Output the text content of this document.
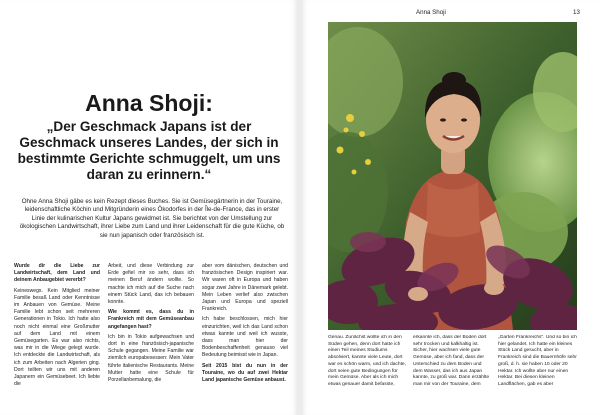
Anna Shoji:
„Der Geschmack Japans ist der Geschmack unseres Landes, der sich in bestimmte Gerichte schmuggelt, um uns daran zu erinnern.“

Ohne Anna Shoji gäbe es kein Rezept dieses Buches. Sie ist Gemüsegärtnerin in der Touraine, leidenschaftliche Köchin und Mitgründerin eines Ökodorfes in der Île-de-France, das in erster Linie der kulinarischen Kultur Japans gewidmet ist. Sie berichtet von der Umstellung zur ökologischen Landwirtschaft, ihrer Liebe zum Land und ihrer Leidenschaft für die gute Küche, ob sie nun japanisch oder französisch ist.

Wurde dir die Liebe zur Landwirtschaft, dem Land und deinem Anbaugebiet vererbt?

Keineswegs. Kein Mitglied meiner Familie besaß Land oder Kenntnisse im Anbauen von Gemüse. Meine Familie lebt schon seit mehreren Generationen in Tokio. Ich hatte also noch nicht einmal eine Großmutter auf dem Land mit einem Gemüsegarten. Es war also nichts, was mir in die Wiege gelegt wurde. Ich entdeckte die Landwirtschaft, als ich zum Arbeiten nach Algerien ging. Dort teilten wir uns mit anderen Japanern ein Gemüsebeet. Ich liebte die

Arbeit, und diese Verbindung zur Erde gefiel mir so sehr, dass ich meinen Beruf ändern wollte. So machte ich mich auf die Suche nach einem Stück Land, das ich bebauen konnte.

Wie kommt es, dass du in Frankreich mit dem Gemüseanbau angefangen hast?

Ich bin in Tokio aufgewachsen und dort in eine französisch-japanische Schule gegangen. Meine Familie war ziemlich europabesessen: Mein Vater führte italienische Restaurants. Meine Mutter hatte eine Schule für Porzellanbemalung, die

aber vom dänischen, deutschen und französischen Design inspiriert war. Wir waren oft in Europa und haben sogar zwei Jahre in Dänemark gelebt. Mein Leben verlief also zwischen Japan und Europa und speziell Frankreich.

Ich habe beschlossen, mich hier einzurichten, weil ich das Land schon etwas kannte und weil ich wusste, dass man hier der Bodenbeschaffenheit genauso viel Bedeutung beimisst wie in Japan.

Seit 2015 bist du nun in der Touraine, wo du auf zwei Hektar Land japanische Gemüse anbaust.

Anna Shoji	13
Genau. Zunächst wollte ich in den Süden gehen, denn dort hatte ich einen Teil meines Studiums absolviert, kannte viele Leute, dort war es schön warm, und ich dachte, dort seien gute Bedingungen für mein Gemüse. Aber als ich mich etwas genauer damit befasste,
erkannte ich, dass der Boden dort sehr trocken und kalkhaltig ist. Sicher, hier wachsen viele gute Gemüse, aber ich fand, dass der Unterschied zu dem Boden und dem Wasser, das ich aus Japan kannte, zu groß war. Dann erzählte man mir von der Touraine, dem
„Garten Frankreichs“. Und so bin ich hier gelandet. Ich hatte ein kleines Stück Land gesucht, aber in Frankreich sind die Bauernhöfe sehr groß, d. h. sie haben 10 oder 20 Hektar. Ich wollte aber nur einen Hektar. Bei diesen kleinen Landflächen, gab es aber
